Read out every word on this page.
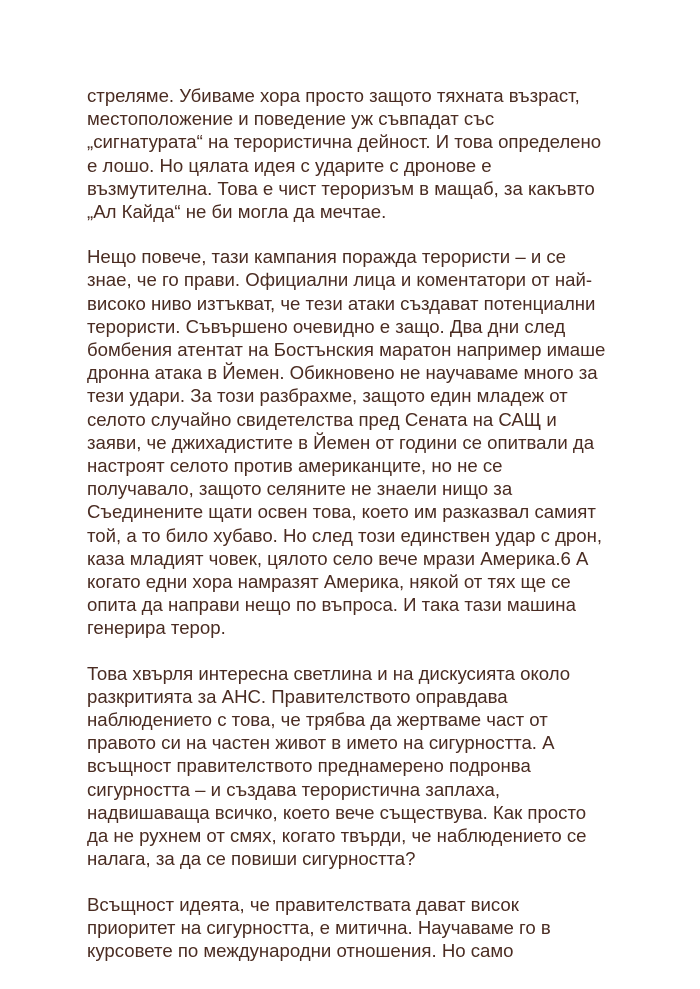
стреляме. Убиваме хора просто защото тяхната възраст,
местоположение и поведение уж съвпадат със
„сигнатурата“ на терористична дейност. И това определено
е лошо. Но цялата идея с ударите с дронове е
възмутителна. Това е чист тероризъм в мащаб, за какъвто
„Ал Кайда“ не би могла да мечтае.

Нещо повече, тази кампания поражда терористи – и се
знае, че го прави. Официални лица и коментатори от най-
високо ниво изтъкват, че тези атаки създават потенциални
терористи. Съвършено очевидно е защо. Два дни след
бомбения атентат на Бостънския маратон например имаше
дронна атака в Йемен. Обикновено не научаваме много за
тези удари. За този разбрахме, защото един младеж от
селото случайно свидетелства пред Сената на САЩ и
заяви, че джихадистите в Йемен от години се опитвали да
настроят селото против американците, но не се
получавало, защото селяните не знаели нищо за
Съединените щати освен това, което им разказвал самият
той, а то било хубаво. Но след този единствен удар с дрон,
каза младият човек, цялото село вече мрази Америка.6 А
когато едни хора намразят Америка, някой от тях ще се
опита да направи нещо по въпроса. И така тази машина
генерира терор.

Това хвърля интересна светлина и на дискусията около
разкритията за АНС. Правителството оправдава
наблюдението с това, че трябва да жертваме част от
правото си на частен живот в името на сигурността. А
всъщност правителството преднамерено подронва
сигурността – и създава терористична заплаха,
надвишаваща всичко, което вече съществува. Как просто
да не рухнем от смях, когато твърди, че наблюдението се
налага, за да се повиши сигурността?

Всъщност идеята, че правителствата дават висок
приоритет на сигурността, е митична. Научаваме го в
курсовете по международни отношения. Но само
